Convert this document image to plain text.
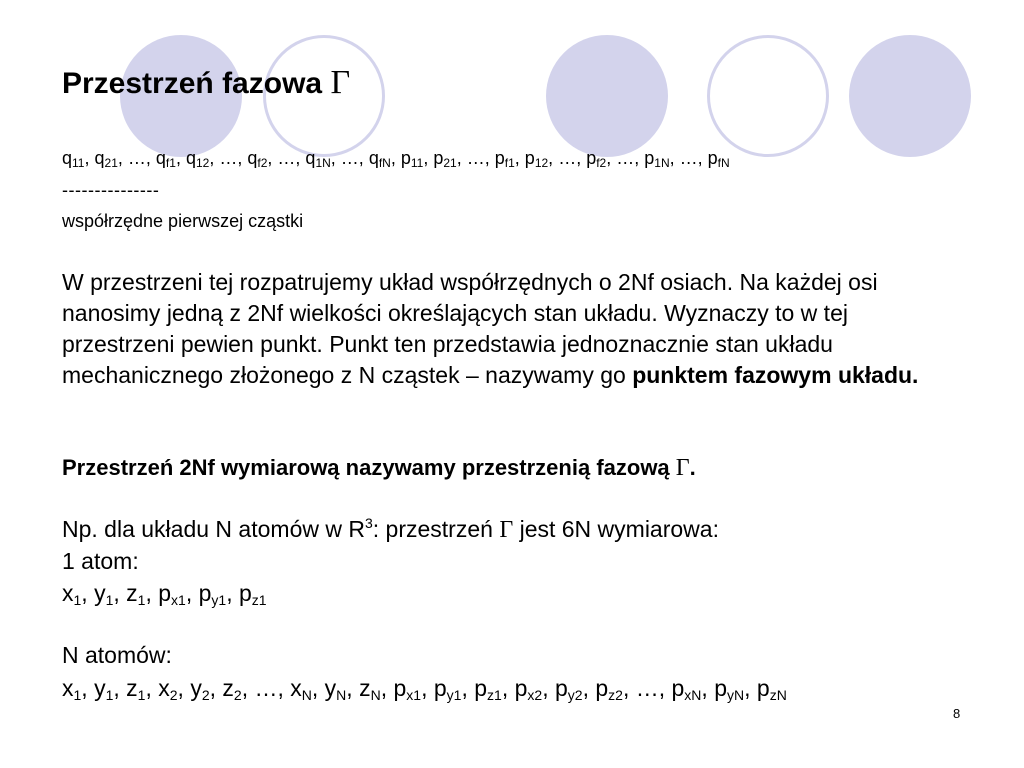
Przestrzeń fazowa Γ
$q_{11}$, $q_{21}$, …, $q_{f1}$, $q_{12}$, …, $q_{f2}$, …, $q_{1N}$, …, $q_{fN}$, $p_{11}$, $p_{21}$, …, $p_{f1}$, $p_{12}$, …, $p_{f2}$, …, $p_{1N}$, …, $p_{fN}$
---------------
współrzędne pierwszej cząstki
W przestrzeni tej rozpatrujemy układ współrzędnych o 2Nf osiach. Na każdej osi nanosimy jedną z 2Nf wielkości określających stan układu. Wyznaczy to w tej przestrzeni pewien punkt. Punkt ten przedstawia jednoznacznie stan układu mechanicznego złożonego z N cząstek – nazywamy go punktem fazowym układu.
Przestrzeń 2Nf wymiarową nazywamy przestrzenią fazową Γ.
Np. dla układu N atomów w $R^3$: przestrzeń Γ jest 6N wymiarowa:
1 atom:
$x_1$, $y_1$, $z_1$, $p_{x1}$, $p_{y1}$, $p_{z1}$
N atomów:
$x_1$, $y_1$, $z_1$, $x_2$, $y_2$, $z_2$, …, $x_N$, $y_N$, $z_N$, $p_{x1}$, $p_{y1}$, $p_{z1}$, $p_{x2}$, $p_{y2}$, $p_{z2}$, …, $p_{xN}$, $p_{yN}$, $p_{zN}$
8
